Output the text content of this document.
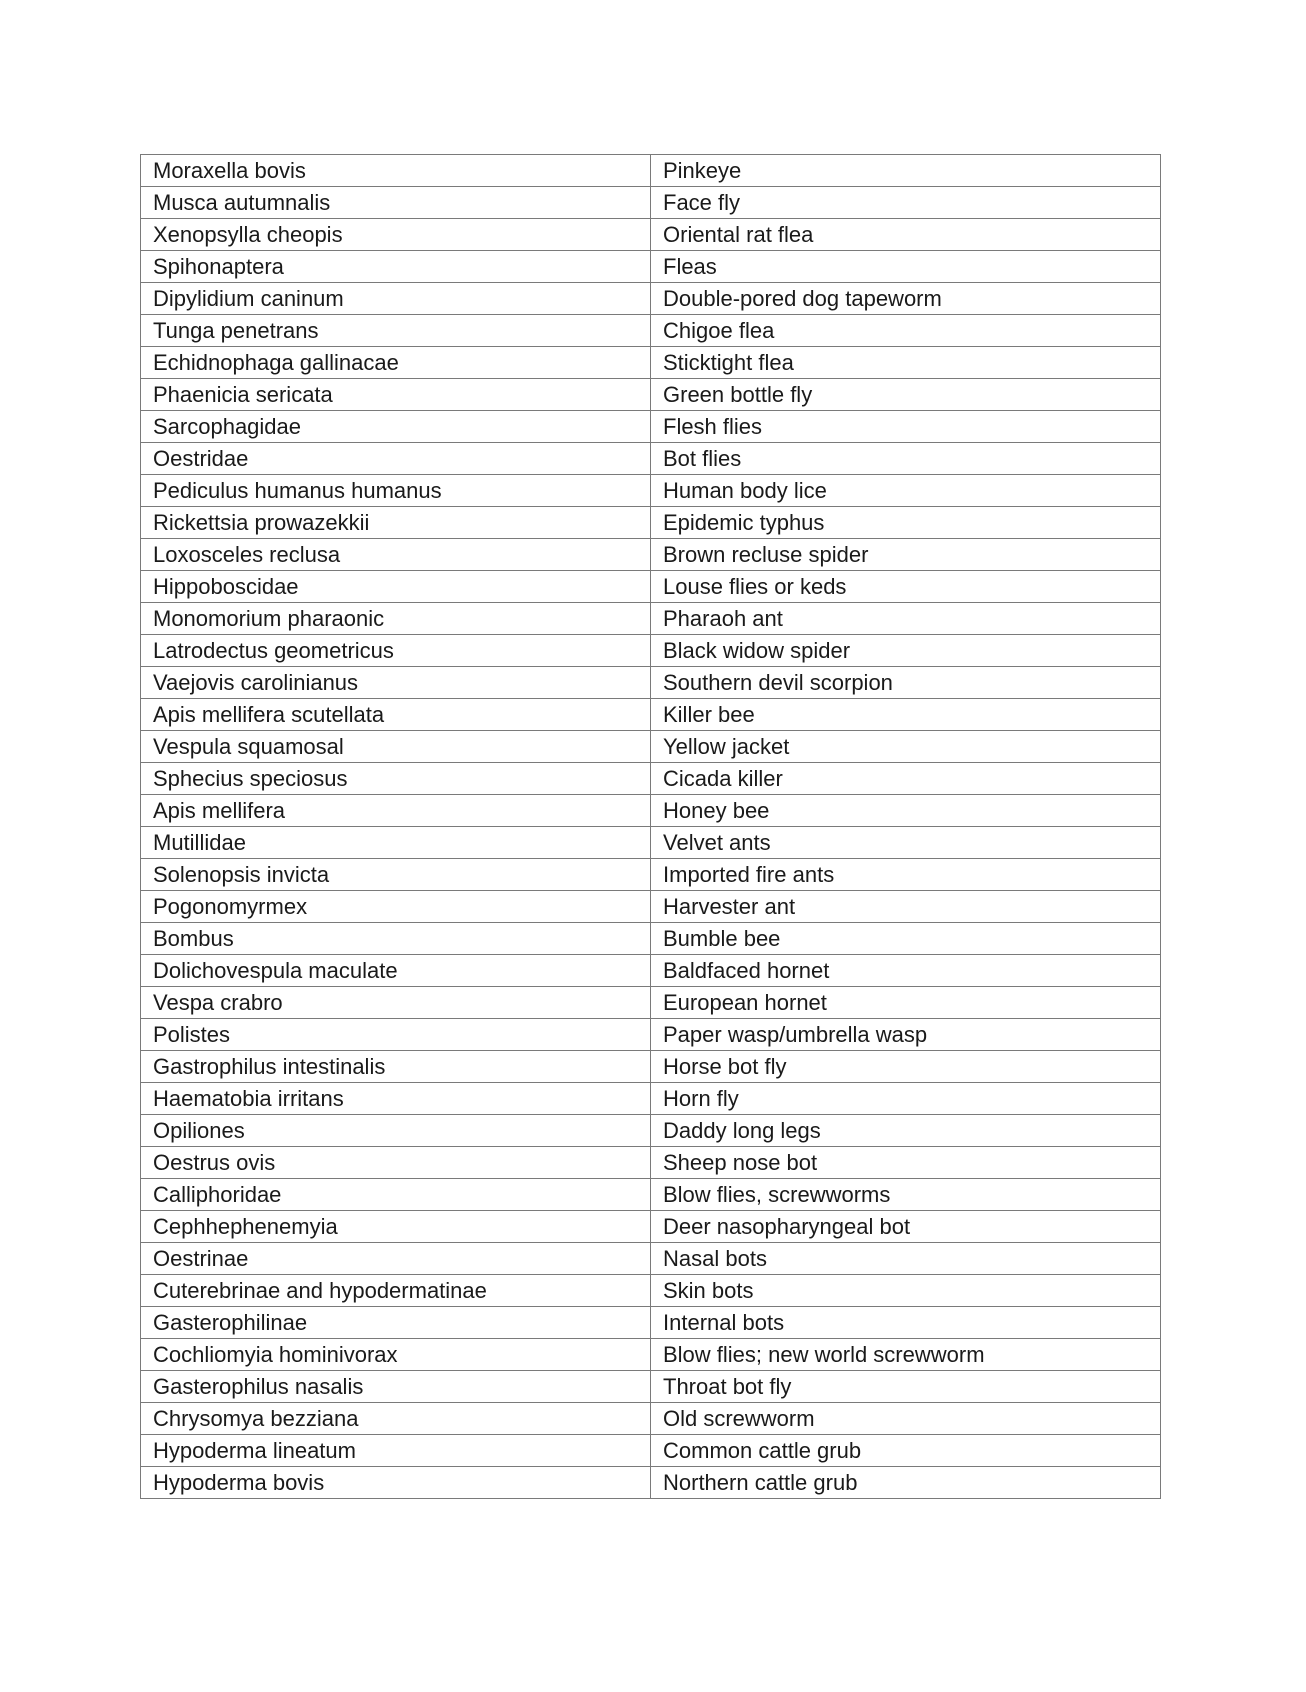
Moraxella bovis	Pinkeye
Musca autumnalis	Face fly
Xenopsylla cheopis	Oriental rat flea
Spihonaptera	Fleas
Dipylidium caninum	Double-pored dog tapeworm
Tunga penetrans	Chigoe flea
Echidnophaga gallinacae	Sticktight flea
Phaenicia sericata	Green bottle fly
Sarcophagidae	Flesh flies
Oestridae	Bot flies
Pediculus humanus humanus	Human body lice
Rickettsia prowazekkii	Epidemic typhus
Loxosceles reclusa	Brown recluse spider
Hippoboscidae	Louse flies or keds
Monomorium pharaonic	Pharaoh ant
Latrodectus geometricus	Black widow spider
Vaejovis carolinianus	Southern devil scorpion
Apis mellifera scutellata	Killer bee
Vespula squamosal	Yellow jacket
Sphecius speciosus	Cicada killer
Apis mellifera	Honey bee
Mutillidae	Velvet ants
Solenopsis invicta	Imported fire ants
Pogonomyrmex	Harvester ant
Bombus	Bumble bee
Dolichovespula maculate	Baldfaced hornet
Vespa crabro	European hornet
Polistes	Paper wasp/umbrella wasp
Gastrophilus intestinalis	Horse bot fly
Haematobia irritans	Horn fly
Opiliones	Daddy long legs
Oestrus ovis	Sheep nose bot
Calliphoridae	Blow flies, screwworms
Cephhephenemyia	Deer nasopharyngeal bot
Oestrinae	Nasal bots
Cuterebrinae and hypodermatinae	Skin bots
Gasterophilinae	Internal bots
Cochliomyia hominivorax	Blow flies; new world screwworm
Gasterophilus nasalis	Throat bot fly
Chrysomya bezziana	Old screwworm
Hypoderma lineatum	Common cattle grub
Hypoderma bovis	Northern cattle grub
